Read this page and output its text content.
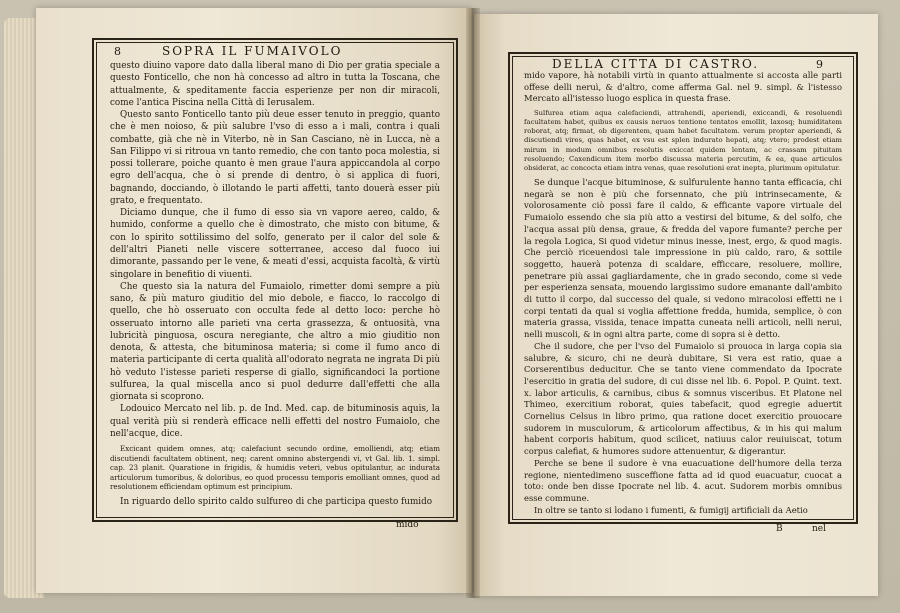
8	SOPRA IL FUMAIVOLO

questo diuino vapore dato dalla liberal mano di Dio per gratia speciale a questo Fonticello, che non hà concesso ad altro in tutta la Toscana, che attualmente, & speditamente faccia esperienze per non dir miracoli, come l'antica Piscina nella Città di Ierusalem.

Questo santo Fonticello tanto più deue esser tenuto in preggio, quanto che è men noioso, & più salubre l'vso di esso a i mali, contra i quali combatte, già che nè in Viterbo, nè in San Casciano, nè in Lucca, nè a San Filippo vi si ritroua vn tanto remedio, che con tanto poca molestia, si possi tollerare, poiche quanto è men graue l'aura appiccandola al corpo egro dell'acqua, che ò si prende di dentro, ò si applica di fuori, bagnando, docciando, ò illotando le parti affetti, tanto douerà esser più grato, e frequentato.

Diciamo dunque, che il fumo di esso sia vn vapore aereo, caldo, & humido, conforme a quello che è dimostrato, che misto con bitume, & con lo spirito sottilissimo del solfo, generato per il calor del sole & dell'altri Pianeti nelle viscere sotterranee, acceso dal fuoco iui dimorante, passando per le vene, & meati d'essi, acquista facoltà, & virtù singolare in benefitio di viuenti.

Che questo sia la natura del Fumaiolo, rimetter domi sempre a più sano, & più maturo giuditio del mio debole, e fiacco, lo raccolgo di quello, che hò osseruato con occulta fede al detto loco: perche hò osseruato intorno alle parieti vna certa grassezza, & ontuosità, vna lubricità pinguosa, oscura neregiante, che altro a mio giuditio non denota, & attesta, che bituminosa materia; si come il fumo anco di materia participante di certa qualità all'odorato negrata ne ingrata Di più hò veduto l'istesse parieti resperse di giallo, significandoci la portione sulfurea, la qual miscella anco si puol dedurre dall'effetti che alla giornata si scoprono.

Lodouico Mercato nel lib. p. de Ind. Med. cap. de bituminosis aquis, la qual verità più si renderà efficace nelli effetti del nostro Fumaiolo, che nell'acque, dice.

Excicant quidem omnes, atq; calefaciunt secundo ordine, emolliendi, atq; etiam discutiendi facultatem obtinent, neq; carent omnino abstergendi vi, vt Gal. lib. 1. simpl. cap. 23 planit. Quaratione in frigidis, & humidis veteri, vebus opitulantur, ac indurata articulorum tumoribus, & doloribus, eo quod processu temporis emolliant omnes, quod ad resolutionem efficiendam optimum est principium.

In riguardo dello spirito caldo sulfureo di che participa questo fumido

mido
DELLA CITTA DI CASTRO.	9

mido vapore, hà notabili virtù in quanto attualmente si accosta alle parti offese delli neruì, & d'altro, come afferma Gal. nel 9. simpl. & l'istesso Mercato all'istesso luogo esplica in questa frase.

Sulfurea etiam aqua calefaciendi, attrahendi, aperiendi, exiccandi, & resoluendi facultatem habet, quibus ex causis neruos tentione tentatos emollit, laxosq; humiditatem roborat, atq; firmat, ob digerentem, quam habet facultatem. verum propter aperiendi, & discutiendi vires, quas habet, ex vsu est splen indurato hepati, atq; vtero; prodest etiam mirum in modum omnibus resolutis exiccat quidem lentam, ac crassam pituitam resoluendo; Caxendicum item morbo discussa materia percutim, & ea, quae articulos obsiderat, ac concocta etiam intra venas, quae resolutioni erat inepta, plurimum opitulatur.

Se dunque l'acque bituminose, & sulfurulente hanno tanta efficacia, chi negarà se non è più che forsennato, che più intrinsecamente, & volorosamente ciò possi fare il caldo, & efficante vapore virtuale del Fumaiolo essendo che sia più atto a vestirsi del bitume, & del solfo, che l'acqua assai più densa, graue, & fredda del vapore fumante? perche per la regola Logica, Si quod videtur minus inesse, inest, ergo, & quod magis. Che perciò riceuendosi tale impressione in più caldo, raro, & sottile soggetto, hauerà potenza di scaldare, efficcare, resoluere, mollire, penetrare più assai gagliardamente, che in grado secondo, come si vede per esperienza sensata, mouendo largissimo sudore emanante dall'ambito di tutto il corpo, dal successo del quale, si vedono miracolosi effetti ne i corpi tentati da qual si voglia affettione fredda, humida, semplice, ò con materia grassa, vissida, tenace impatta cuneata nelli articoli, nelli nerui, nelli muscoli, & in ogni altra parte, come di sopra si è detto.

Che il sudore, che per l'vso del Fumaiolo si prouoca in larga copia sia salubre, & sicuro, chi ne deurà dubitare, Si vera est ratio, quae a Corserentibus deducitur. Che se tanto viene commendato da Ipocrate l'esercitio in gratia del sudore, di cui disse nel lib. 6. Popol. P. Quint. text. x. labor articulis, & carnibus, cibus & somnus visceribus. Et Platone nel Thimeo, exercitium roborat, quies tabefacit, quod egregie aduertit Cornelius Celsus in libro primo, qua ratione docet exercitio prouocare sudorem in musculorum, & articolorum affectibus, & in his qui malum habent corporis habitum, quod scilicet, natiuus calor reuiuiscat, totum corpus calefiat, & humores sudore attenuentur, & digerantur.

Perche se bene il sudore è vna euacuatione dell'humore della terza regione, nientedimeno susceffione fatta ad id quod euacuatur, cuocat a toto: onde ben disse Ipocrate nel lib. 4. acut. Sudorem morbis omnibus esse commune.

In oltre se tanto si lodano i fumenti, & fumigij artificiali da Aetio

B	nel
